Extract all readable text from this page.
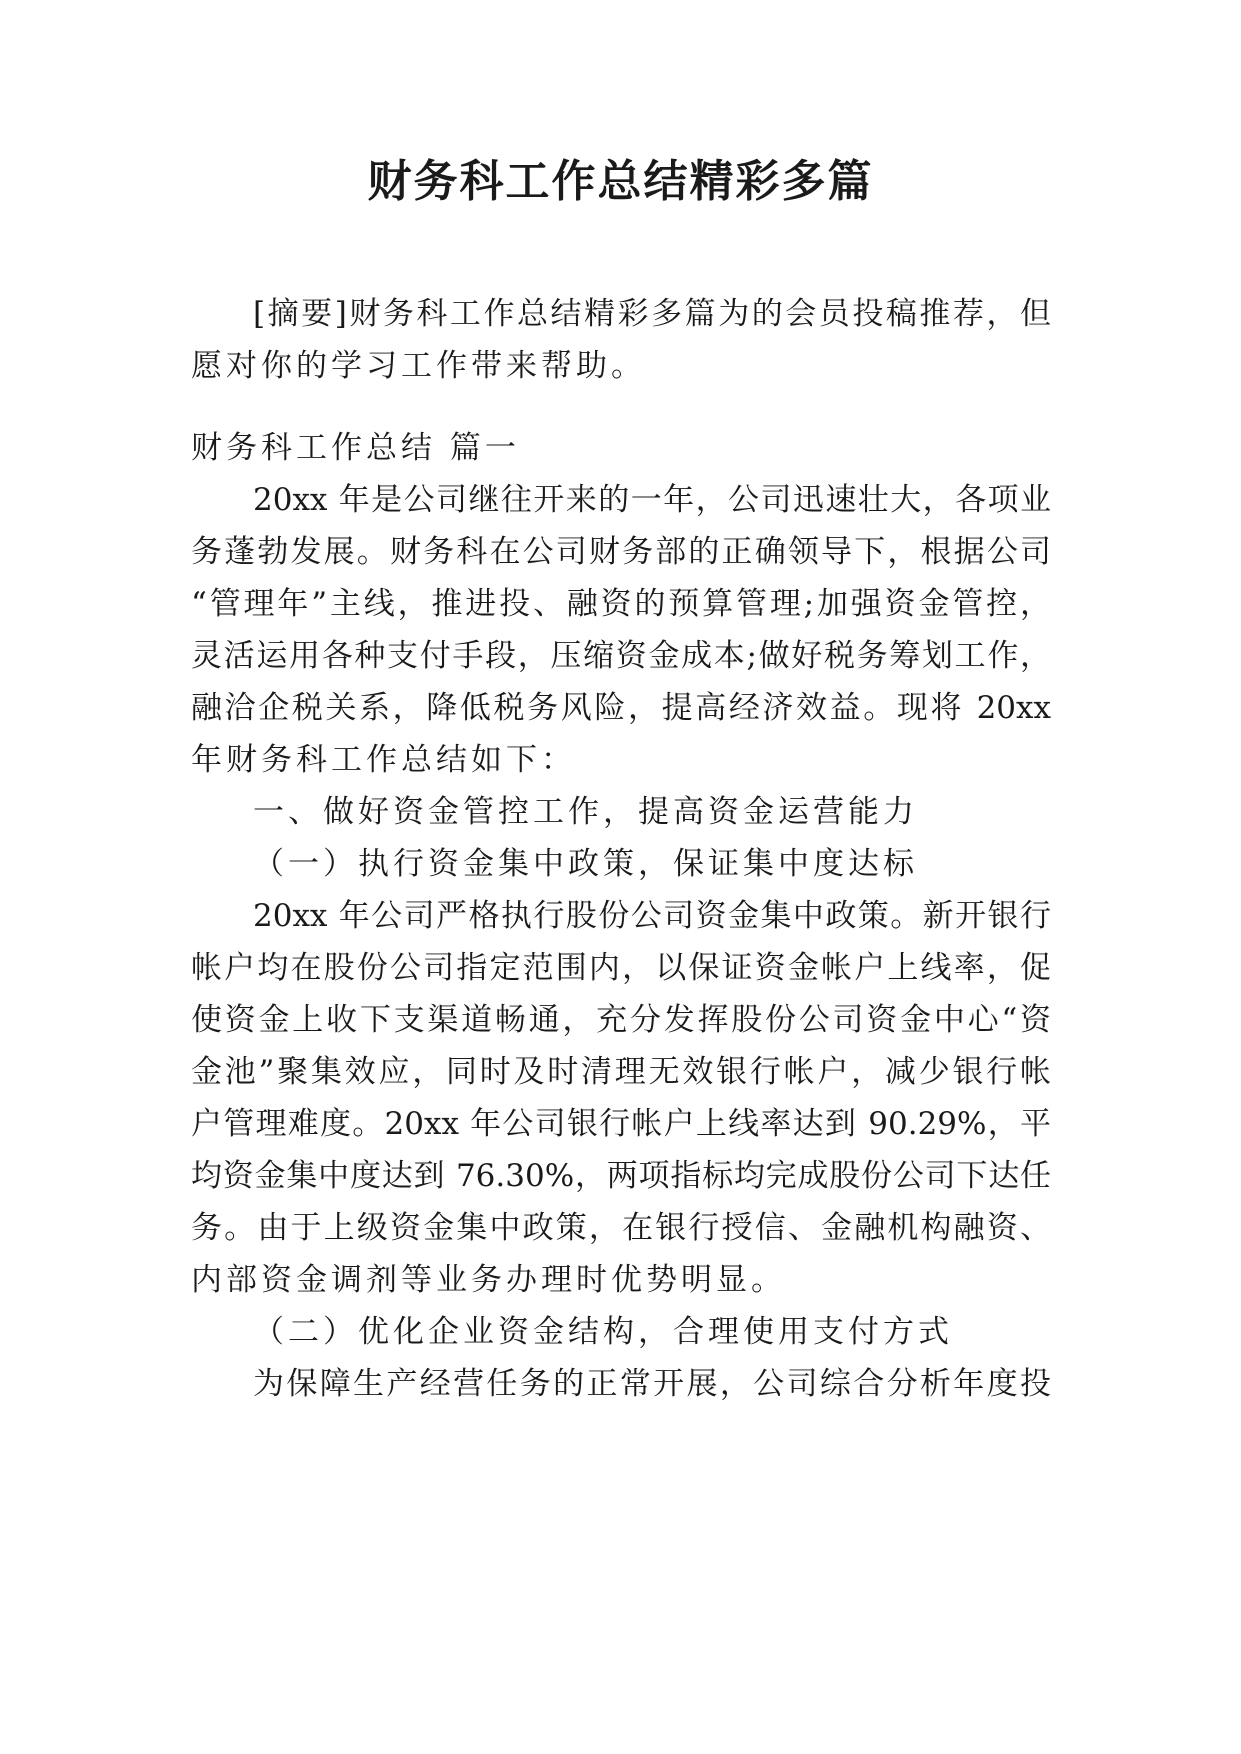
财务科工作总结精彩多篇

[摘要]财务科工作总结精彩多篇为的会员投稿推荐，但

愿对你的学习工作带来帮助。

财务科工作总结 篇一

20xx 年是公司继往开来的一年，公司迅速壮大，各项业

务蓬勃发展。财务科在公司财务部的正确领导下，根据公司

“管理年”主线，推进投、融资的预算管理;加强资金管控，

灵活运用各种支付手段，压缩资金成本;做好税务筹划工作，

融洽企税关系，降低税务风险，提高经济效益。现将 20xx

年财务科工作总结如下：

一、做好资金管控工作，提高资金运营能力

（一）执行资金集中政策，保证集中度达标

20xx 年公司严格执行股份公司资金集中政策。新开银行

帐户均在股份公司指定范围内，以保证资金帐户上线率，促

使资金上收下支渠道畅通，充分发挥股份公司资金中心“资

金池”聚集效应，同时及时清理无效银行帐户，减少银行帐

户管理难度。20xx 年公司银行帐户上线率达到 90.29%，平

均资金集中度达到 76.30%，两项指标均完成股份公司下达任

务。由于上级资金集中政策，在银行授信、金融机构融资、

内部资金调剂等业务办理时优势明显。

（二）优化企业资金结构，合理使用支付方式

为保障生产经营任务的正常开展，公司综合分析年度投
